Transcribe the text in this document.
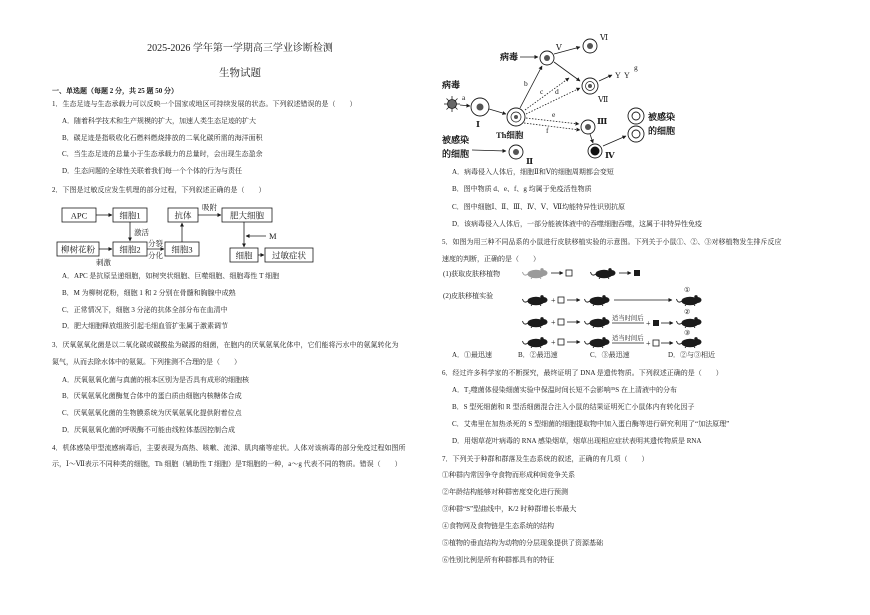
2025-2026 学年第一学期高三学业诊断检测
生物试题
一、单选题（每题 2 分，共 25 题 50 分）
1．生态足迹与生态承载力可以反映一个国家或地区可持续发展的状态。下列叙述错误的是（　　）
A．随着科学技术和生产规模的扩大，加速人类生态足迹的扩大
B．碳足迹是指吸收化石燃料燃烧排放的二氧化碳所需的海洋面积
C．当生态足迹的总量小于生态承载力的总量时，会出现生态盈余
D．生态问题的全球性关联着我们每一个个体的行为与责任
2．下图是过敏反应发生机理的部分过程，下列叙述正确的是（　　）
APC	细胞1	抗体	肥大细胞
柳树花粉	细胞2	细胞3
细胞 过敏症状
激活
刺激
分裂
分化
吸附
M
A．APC 是抗原呈递细胞，如树突状细胞、巨噬细胞、细胞毒性 T 细胞
B．M 为柳树花粉，细胞 1 和 2 分别在骨髓和胸腺中成熟
C．正常情况下，细胞 3 分泌的抗体全部分布在血清中
D．肥大细胞释放组胺引起毛细血管扩张属于激素调节
3．厌氧氨氧化菌是以二氧化碳或碳酸盐为碳源的细菌，在胞内的厌氧氨氧化体中，它们能将污水中的氨氮转化为
氮气，从而去除水体中的氨氮。下列推测不合理的是（　　）
A．厌氧氨氧化菌与真菌的根本区别为是否具有成形的细胞核
B．厌氧氨氧化菌酶复合体中的蛋白质由细胞内核糖体合成
C．厌氧氨氧化菌的生物膜系统为厌氧氨氧化提供附着位点
D．厌氧氨氧化菌的呼吸酶不可能由线粒体基因控制合成
4．机体感染甲型流感病毒后，主要表现为高热、咳嗽、流涕、肌肉痛等症状。人体对该病毒的部分免疫过程如图所
示，Ⅰ～Ⅶ表示不同种类的细胞，Th 细胞（辅助性 T 细胞）是T细胞的一种，a～g 代表不同的物质。错误（　　）
病毒
Ⅴ
Ⅵ
Ⅶ
Y Y
g
病毒
a
Ⅰ
Th细胞
b
c d
e
f
被感染
的细胞
Ⅱ
Ⅲ
Ⅳ
被感染
的细胞
A．病毒侵入人体后，细胞Ⅱ和Ⅴ的细胞周期都会变短
B．图中物质 d、e、f、g 均属于免疫活性物质
C．图中细胞Ⅰ、Ⅱ、Ⅲ、Ⅳ、Ⅴ、Ⅶ均能特异性识别抗原
D．该病毒侵入人体后，一部分能被体液中的吞噬细胞吞噬，这属于非特异性免疫
5．如图为用三种不同品系的小鼠进行皮肤移植实验的示意图。下列关于小鼠①、②、③对移植物发生排斥反应
速度的判断，正确的是（　　）
(1)获取皮肤移植物
(2)皮肤移植实验	+
①
+	适当时间后
+
②
+	适当时间后
+
③
A．①最迅速	B．②最迅速	C．③最迅速	D．②与③相近
6．经过许多科学家的不断探究，最终证明了 DNA 是遗传物质。下列叙述正确的是（　　）
A．T₂噬菌体侵染细菌实验中保温时间长短不会影响³⁵S 在上清液中的分布
B．S 型死细菌和 R 型活细菌混合注入小鼠的结果证明死亡小鼠体内有转化因子
C．艾弗里在加热杀死的 S 型细菌的细胞提取物中加入蛋白酶等进行研究利用了“加法原理”
D．用烟草花叶病毒的 RNA 感染烟草，烟草出现相应症状表明其遗传物质是 RNA
7．下列关于种群和群落及生态系统的叙述，正确的有几项（　　）
①种群内常因争夺食物而形成种间竞争关系
②年龄结构能够对种群密度变化进行预测
③种群“S”型曲线中，K/2 时种群增长率最大
④食物网及食物链是生态系统的结构
⑤植物的垂直结构为动物的分层现象提供了资源基础
⑥性别比例是所有种群都具有的特征
